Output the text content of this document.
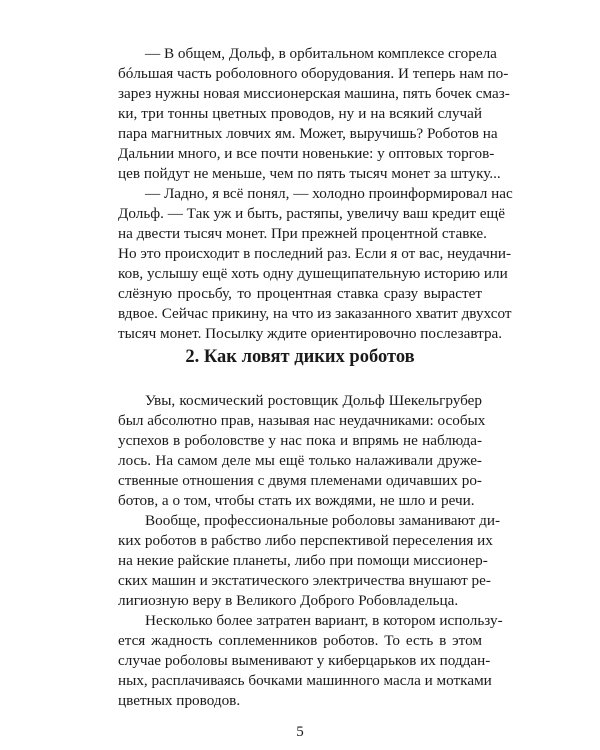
— В общем, Дольф, в орбитальном комплексе сгорела
бóльшая часть роболовного оборудования. И теперь нам по-
зарез нужны новая миссионерская машина, пять бочек смаз-
ки, три тонны цветных проводов, ну и на всякий случай
пара магнитных ловчих ям. Может, выручишь? Роботов на
Дальнии много, и все почти новенькие: у оптовых торгов-
цев пойдут не меньше, чем по пять тысяч монет за штуку...
— Ладно, я всё понял, — холодно проинформировал нас
Дольф. — Так уж и быть, растяпы, увеличу ваш кредит ещё
на двести тысяч монет. При прежней процентной ставке.
Но это происходит в последний раз. Если я от вас, неудачни-
ков, услышу ещё хоть одну душещипательную историю или
слёзную просьбу, то процентная ставка сразу вырастет
вдвое. Сейчас прикину, на что из заказанного хватит двухсот
тысяч монет. Посылку ждите ориентировочно послезавтра.
2. Как ловят диких роботов
Увы, космический ростовщик Дольф Шекельгрубер
был абсолютно прав, называя нас неудачниками: особых
успехов в роболовстве у нас пока и впрямь не наблюда-
лось. На самом деле мы ещё только налаживали друже-
ственные отношения с двумя племенами одичавших ро-
ботов, а о том, чтобы стать их вождями, не шло и речи.
Вообще, профессиональные роболовы заманивают ди-
ких роботов в рабство либо перспективой переселения их
на некие райские планеты, либо при помощи миссионер-
ских машин и экстатического электричества внушают ре-
лигиозную веру в Великого Доброго Робовладельца.
Несколько более затратен вариант, в котором использу-
ется жадность соплеменников роботов. То есть в этом
случае роболовы выменивают у киберцарьков их поддан-
ных, расплачиваясь бочками машинного масла и мотками
цветных проводов.
5
